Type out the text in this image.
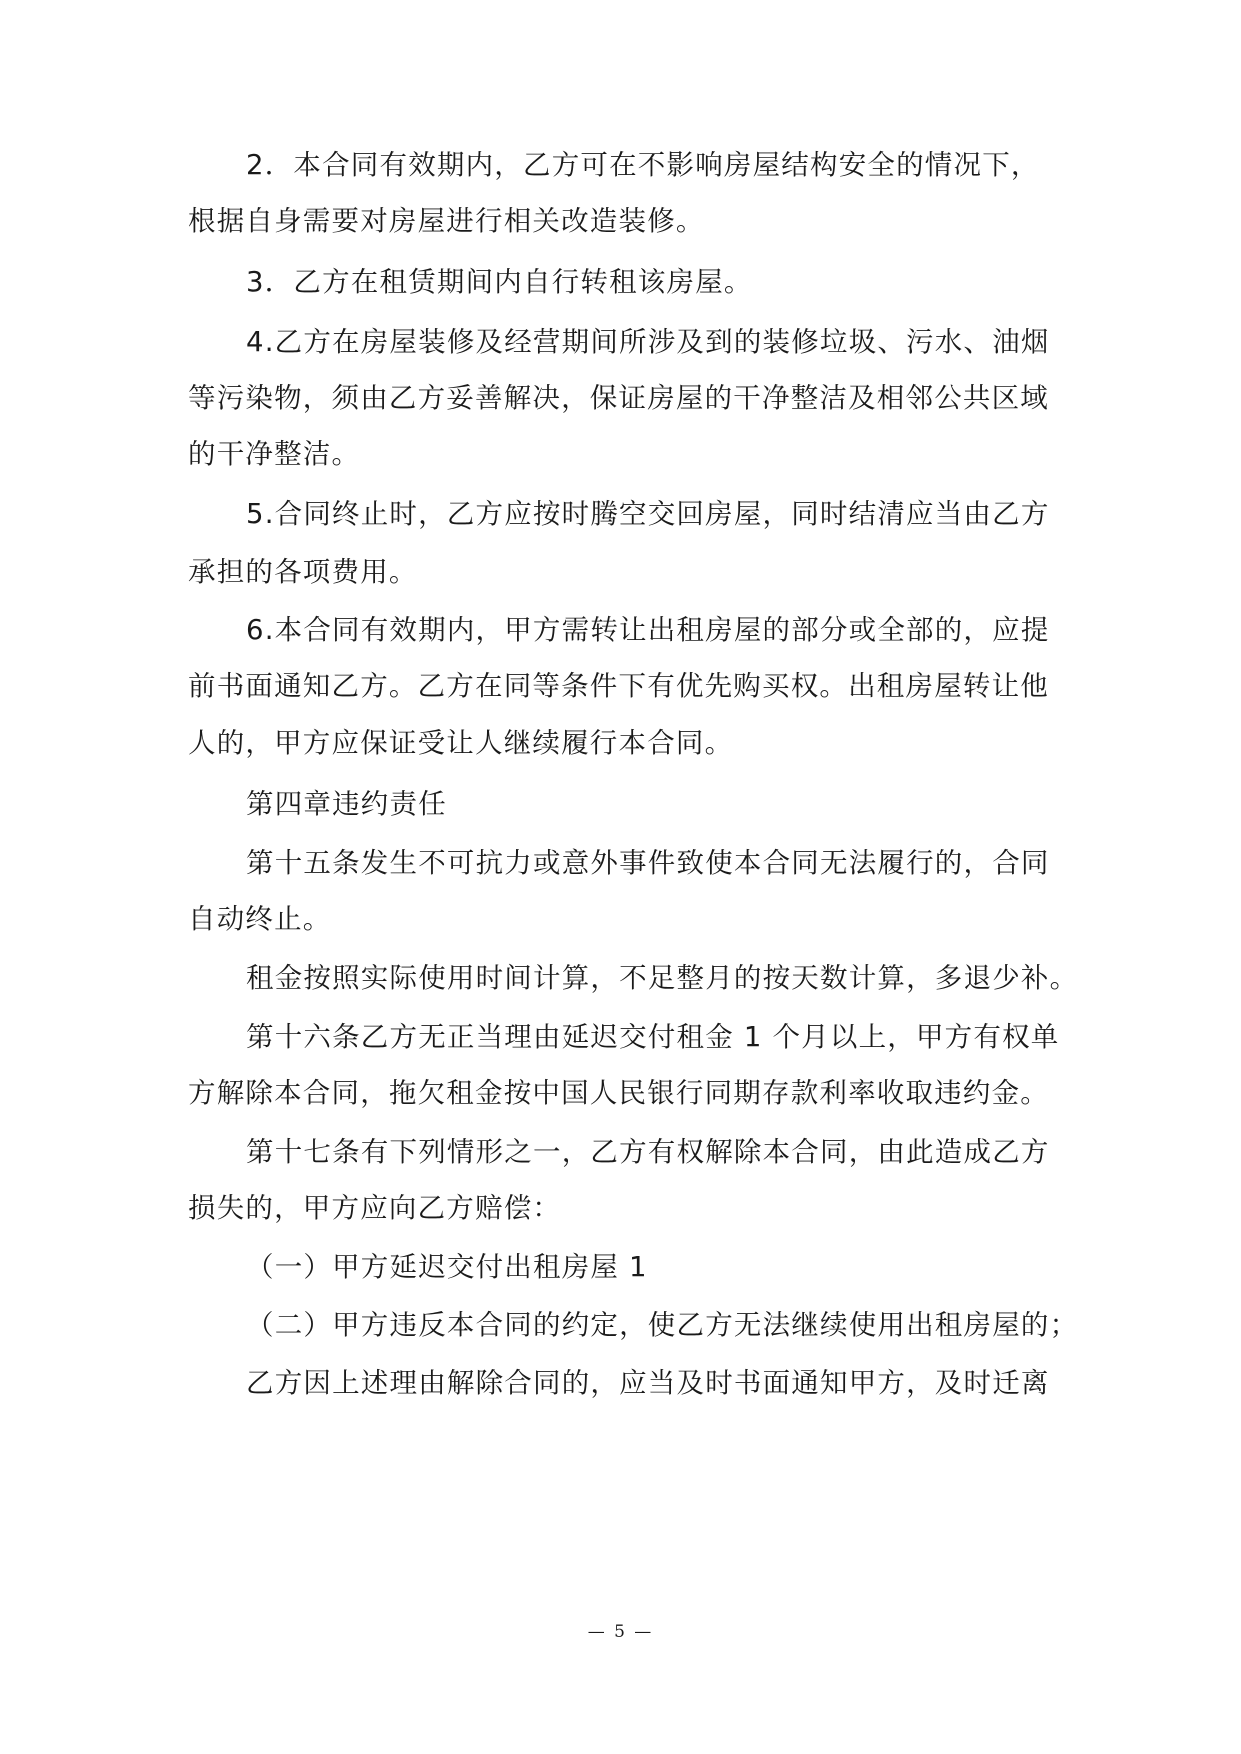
2．本合同有效期内，乙方可在不影响房屋结构安全的情况下，
根据自身需要对房屋进行相关改造装修。
3．乙方在租赁期间内自行转租该房屋。
4.乙方在房屋装修及经营期间所涉及到的装修垃圾、污水、油烟
等污染物，须由乙方妥善解决，保证房屋的干净整洁及相邻公共区域
的干净整洁。
5.合同终止时，乙方应按时腾空交回房屋，同时结清应当由乙方
承担的各项费用。
6.本合同有效期内，甲方需转让出租房屋的部分或全部的，应提
前书面通知乙方。乙方在同等条件下有优先购买权。出租房屋转让他
人的，甲方应保证受让人继续履行本合同。
第四章违约责任
第十五条发生不可抗力或意外事件致使本合同无法履行的，合同
自动终止。
租金按照实际使用时间计算，不足整月的按天数计算，多退少补。
第十六条乙方无正当理由延迟交付租金 1 个月以上，甲方有权单
方解除本合同，拖欠租金按中国人民银行同期存款利率收取违约金。
第十七条有下列情形之一，乙方有权解除本合同，由此造成乙方
损失的，甲方应向乙方赔偿：
（一）甲方延迟交付出租房屋 1
（二）甲方违反本合同的约定，使乙方无法继续使用出租房屋的；
乙方因上述理由解除合同的，应当及时书面通知甲方，及时迁离
— 5 —
